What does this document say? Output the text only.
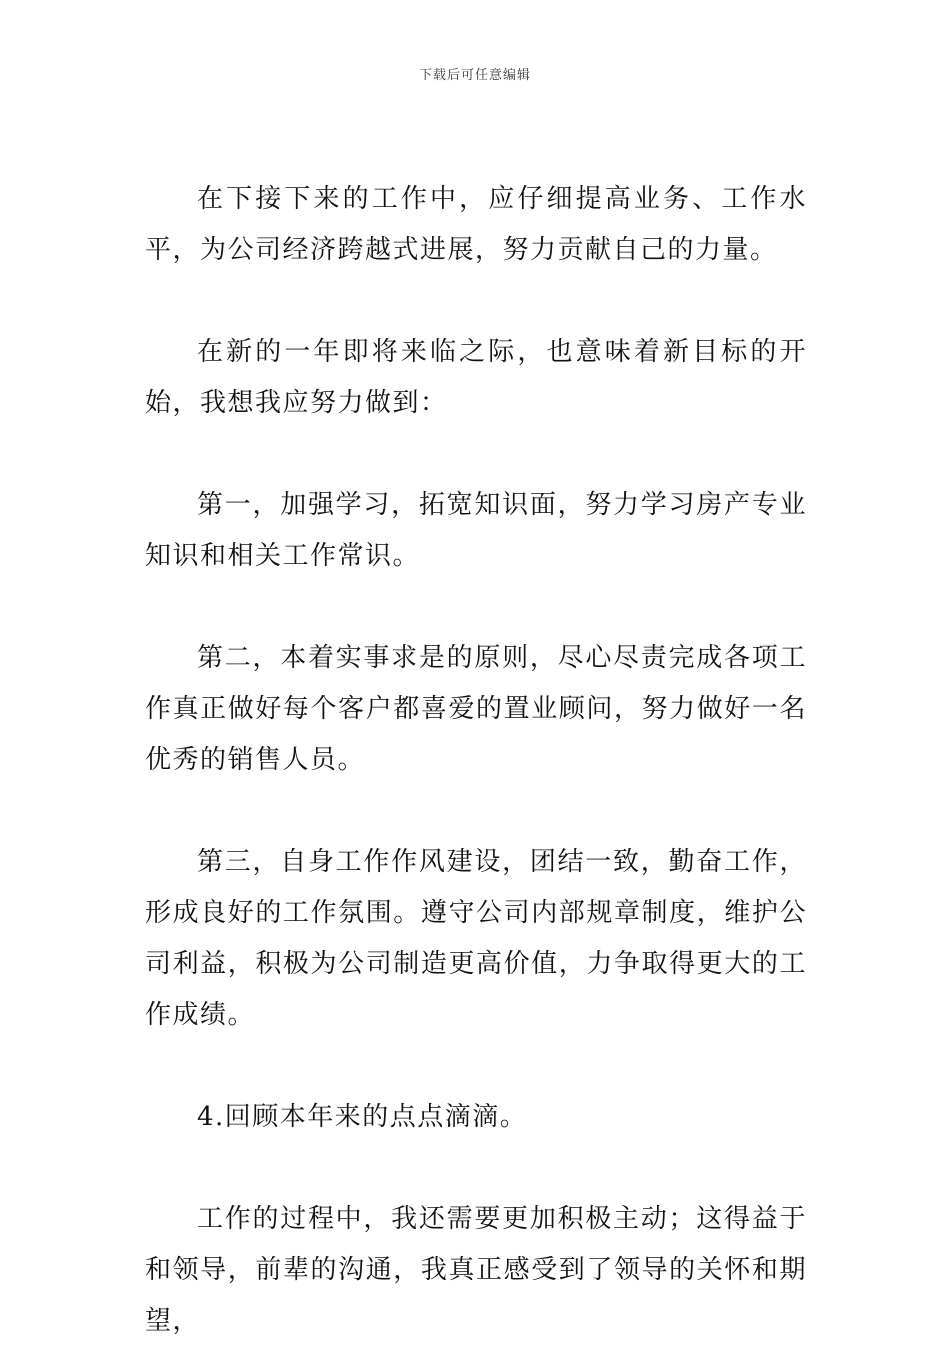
下载后可任意编辑

在下接下来的工作中，应仔细提高业务、工作水平，为公司经济跨越式进展，努力贡献自己的力量。

在新的一年即将来临之际，也意味着新目标的开始，我想我应努力做到：

第一，加强学习，拓宽知识面，努力学习房产专业知识和相关工作常识。

第二，本着实事求是的原则，尽心尽责完成各项工作真正做好每个客户都喜爱的置业顾问，努力做好一名优秀的销售人员。

第三，自身工作作风建设，团结一致，勤奋工作，形成良好的工作氛围。遵守公司内部规章制度，维护公司利益，积极为公司制造更高价值，力争取得更大的工作成绩。

4.回顾本年来的点点滴滴。

工作的过程中，我还需要更加积极主动；这得益于和领导，前辈的沟通，我真正感受到了领导的关怀和期望，
